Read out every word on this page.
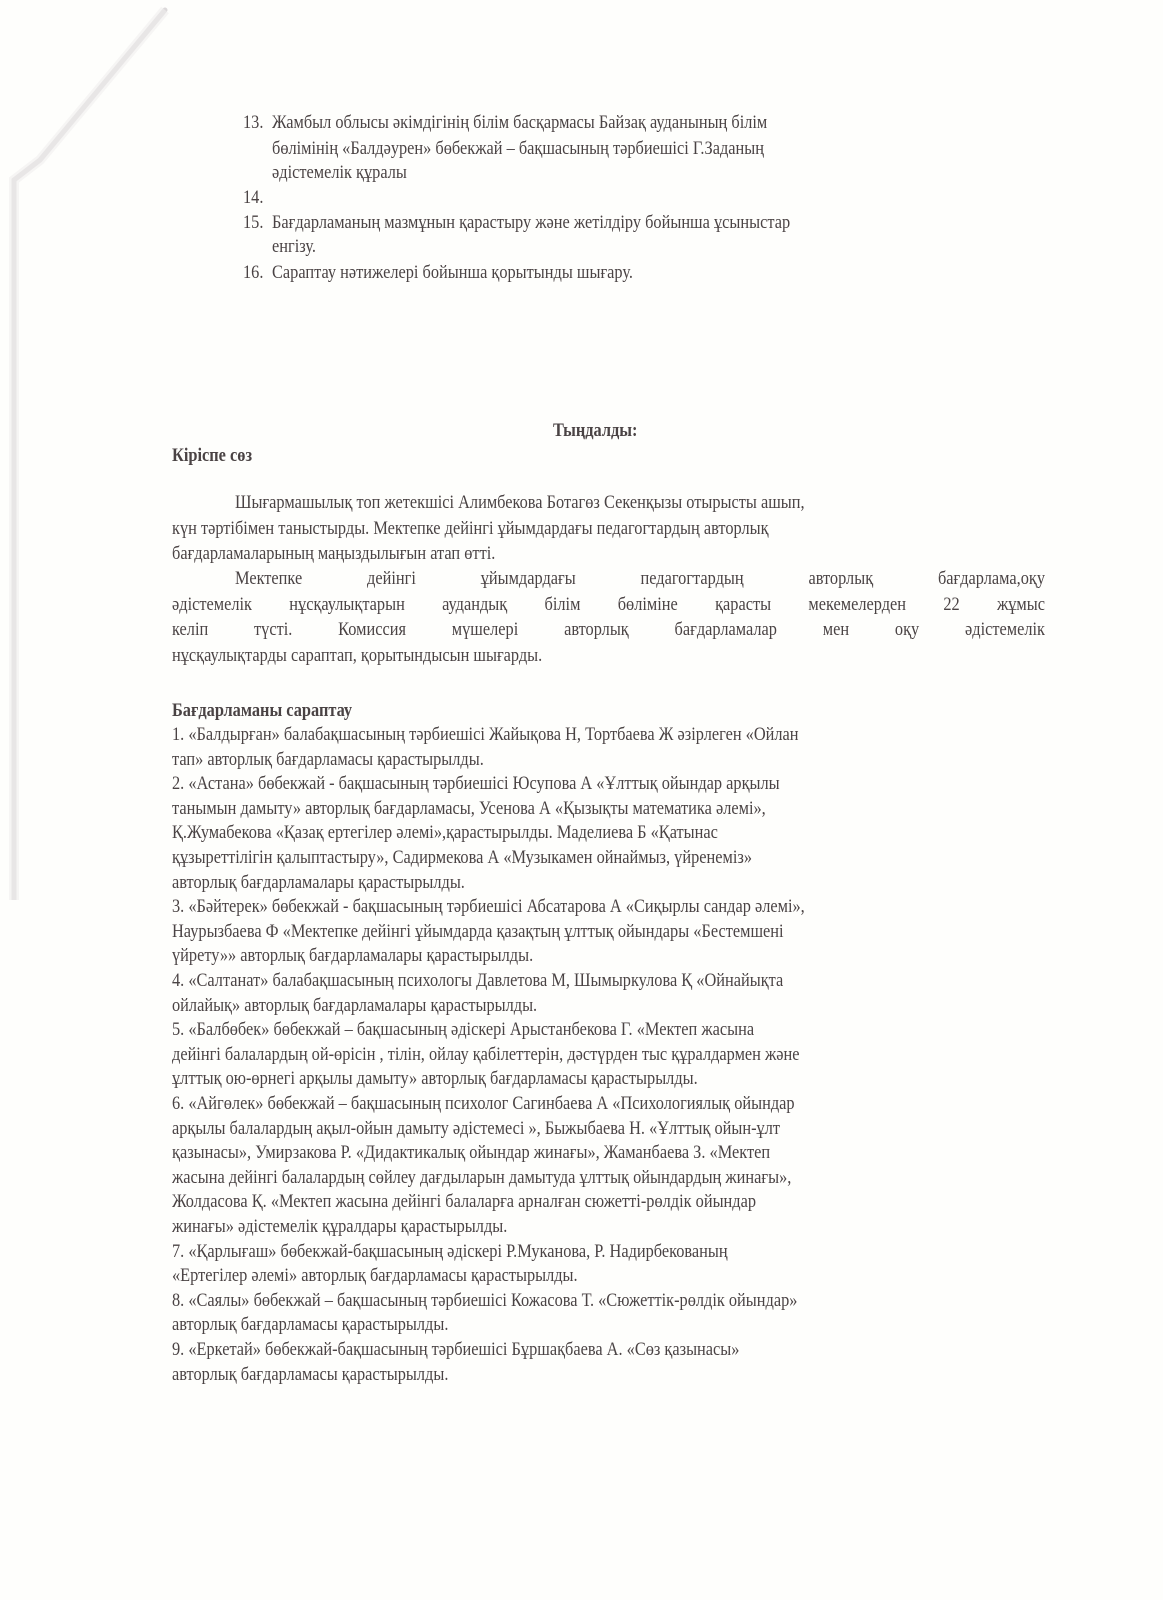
13. Жамбыл облысы әкімдігінің білім басқармасы Байзақ ауданының білім
бөлімінің «Балдәурен» бөбекжай – бақшасының тәрбиешісі Г.Заданың
әдістемелік құралы
14.
15. Бағдарламаның мазмұнын қарастыру және жетілдіру бойынша ұсыныстар
енгізу.
16. Сараптау нәтижелері бойынша қорытынды шығару.
Тыңдалды:
Кіріспе сөз
Шығармашылық топ жетекшісі Алимбекова Ботагөз Секенқызы отырысты ашып,
күн тәртібімен таныстырды. Мектепке дейінгі ұйымдардағы педагогтардың авторлық
бағдарламаларының маңыздылығын атап өтті.
Мектепке дейінгі ұйымдардағы педагогтардың авторлық бағдарлама,оқу
әдістемелік нұсқаулықтарын аудандық білім бөліміне қарасты мекемелерден 22 жұмыс
келіп түсті. Комиссия мүшелері авторлық бағдарламалар мен оқу әдістемелік
нұсқаулықтарды сараптап, қорытындысын шығарды.
Бағдарламаны сараптау
1. «Балдырған» балабақшасының тәрбиешісі Жайықова Н, Тортбаева Ж әзірлеген «Ойлан
тап» авторлық бағдарламасы қарастырылды.
2. «Астана» бөбекжай - бақшасының тәрбиешісі Юсупова А «Ұлттық ойындар арқылы
танымын дамыту» авторлық бағдарламасы, Усенова А «Қызықты математика әлемі»,
Қ.Жумабекова «Қазақ ертегілер әлемі»,қарастырылды. Маделиева Б «Қатынас
құзыреттілігін қалыптастыру», Садирмекова А «Музыкамен ойнаймыз, үйренеміз»
авторлық бағдарламалары қарастырылды.
3. «Бәйтерек» бөбекжай - бақшасының тәрбиешісі Абсатарова А «Сиқырлы сандар әлемі»,
Наурызбаева Ф «Мектепке дейінгі ұйымдарда қазақтың ұлттық ойындары «Бестемшені
үйрету»» авторлық бағдарламалары қарастырылды.
4. «Салтанат» балабақшасының психологы Давлетова М, Шымыркулова Қ «Ойнайықта
ойлайық» авторлық бағдарламалары қарастырылды.
5. «Балбөбек» бөбекжай – бақшасының әдіскері Арыстанбекова Г. «Мектеп жасына
дейінгі балалардың ой-өрісін , тілін, ойлау қабілеттерін, дәстүрден тыс құралдармен және
ұлттық ою-өрнегі арқылы дамыту» авторлық бағдарламасы қарастырылды.
6. «Айгөлек» бөбекжай – бақшасының психолог Сагинбаева А «Психологиялық ойындар
арқылы балалардың ақыл-ойын дамыту әдістемесі », Быжыбаева Н. «Ұлттық ойын-ұлт
қазынасы», Умирзакова Р. «Дидактикалық ойындар жинағы», Жаманбаева З. «Мектеп
жасына дейінгі балалардың сөйлеу дағдыларын дамытуда ұлттық ойындардың жинағы»,
Жолдасова Қ. «Мектеп жасына дейінгі балаларға арналған сюжетті-рөлдік ойындар
жинағы» әдістемелік құралдары қарастырылды.
7. «Қарлығаш» бөбекжай-бақшасының әдіскері Р.Муканова, Р. Надирбекованың
«Ертегілер әлемі» авторлық бағдарламасы қарастырылды.
8. «Саялы» бөбекжай – бақшасының тәрбиешісі Кожасова Т. «Сюжеттік-рөлдік ойындар»
авторлық бағдарламасы қарастырылды.
9. «Еркетай» бөбекжай-бақшасының тәрбиешісі Бұршақбаева А. «Сөз қазынасы»
авторлық бағдарламасы қарастырылды.
